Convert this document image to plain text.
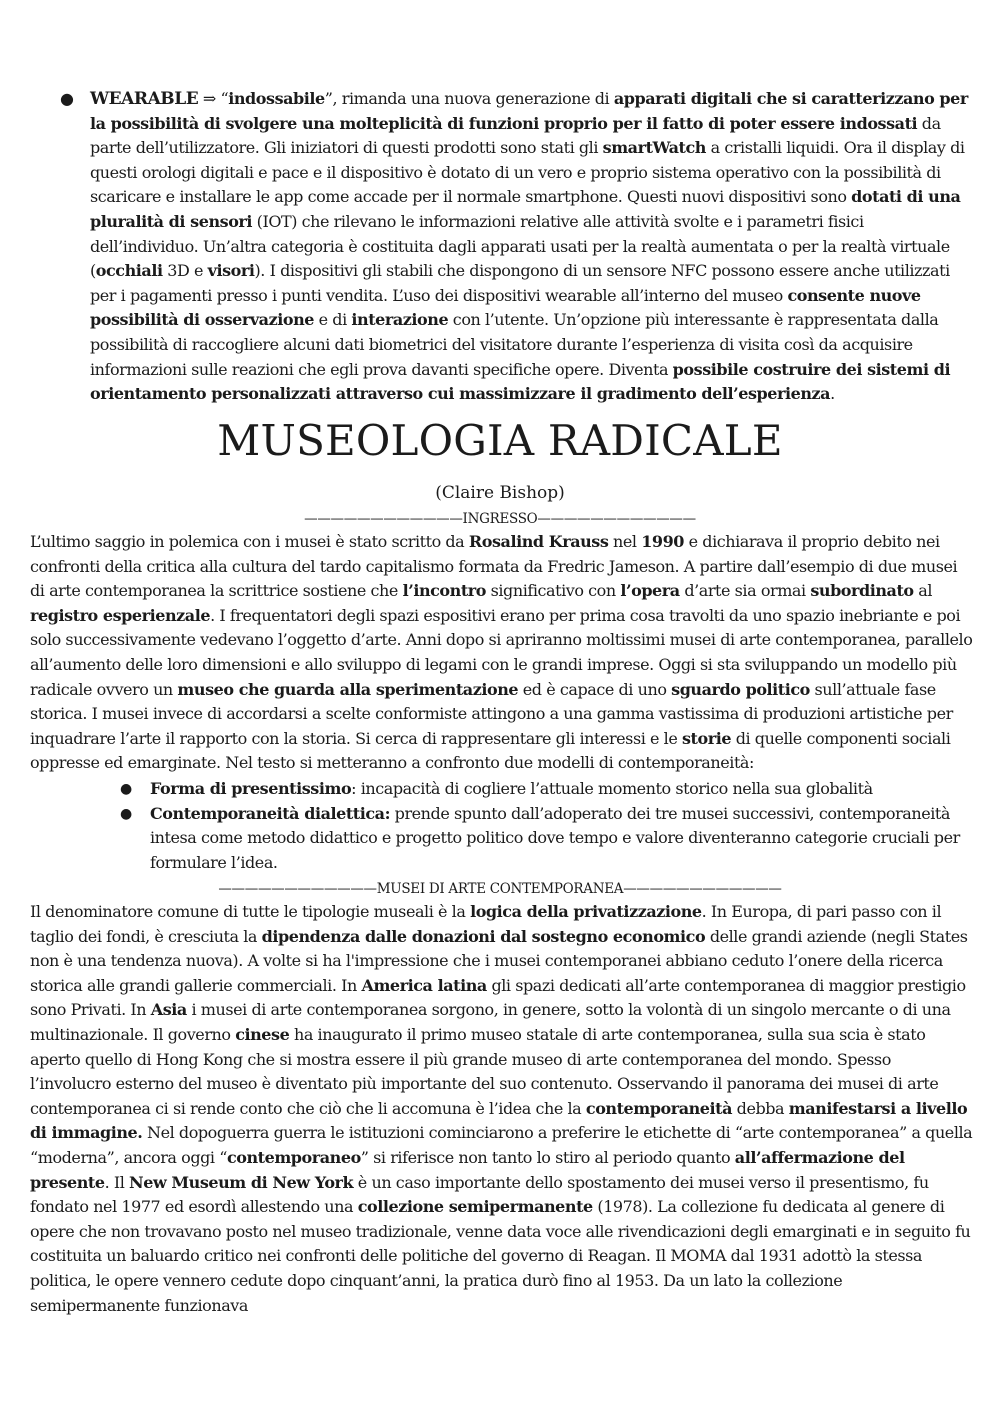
● WEARABLE ⇒ “indossabile”, rimanda una nuova generazione di apparati digitali che si caratterizzano per la possibilità di svolgere una molteplicità di funzioni proprio per il fatto di poter essere indossati da parte dell’utilizzatore. Gli iniziatori di questi prodotti sono stati gli smartWatch a cristalli liquidi. Ora il display di questi orologi digitali e pace e il dispositivo è dotato di un vero e proprio sistema operativo con la possibilità di scaricare e installare le app come accade per il normale smartphone. Questi nuovi dispositivi sono dotati di una pluralità di sensori (IOT) che rilevano le informazioni relative alle attività svolte e i parametri fisici dell’individuo. Un’altra categoria è costituita dagli apparati usati per la realtà aumentata o per la realtà virtuale (occhiali 3D e visori). I dispositivi gli stabili che dispongono di un sensore NFC possono essere anche utilizzati per i pagamenti presso i punti vendita. L’uso dei dispositivi wearable all’interno del museo consente nuove possibilità di osservazione e di interazione con l’utente. Un’opzione più interessante è rappresentata dalla possibilità di raccogliere alcuni dati biometrici del visitatore durante l’esperienza di visita così da acquisire informazioni sulle reazioni che egli prova davanti specifiche opere. Diventa possibile costruire dei sistemi di orientamento personalizzati attraverso cui massimizzare il gradimento dell’esperienza.

MUSEOLOGIA RADICALE
(Claire Bishop)
————————————INGRESSO————————————

L’ultimo saggio in polemica con i musei è stato scritto da Rosalind Krauss nel 1990 e dichiarava il proprio debito nei confronti della critica alla cultura del tardo capitalismo formata da Fredric Jameson. A partire dall’esempio di due musei di arte contemporanea la scrittrice sostiene che l’incontro significativo con l’opera d’arte sia ormai subordinato al registro esperienzale. I frequentatori degli spazi espositivi erano per prima cosa travolti da uno spazio inebriante e poi solo successivamente vedevano l’oggetto d’arte. Anni dopo si apriranno moltissimi musei di arte contemporanea, parallelo all’aumento delle loro dimensioni e allo sviluppo di legami con le grandi imprese. Oggi si sta sviluppando un modello più radicale ovvero un museo che guarda alla sperimentazione ed è capace di uno sguardo politico sull’attuale fase storica. I musei invece di accordarsi a scelte conformiste attingono a una gamma vastissima di produzioni artistiche per inquadrare l’arte il rapporto con la storia. Si cerca di rappresentare gli interessi e le storie di quelle componenti sociali oppresse ed emarginate. Nel testo si metteranno a confronto due modelli di contemporaneità:

● Forma di presentissimo: incapacità di cogliere l’attuale momento storico nella sua globalità

● Contemporaneità dialettica: prende spunto dall’adoperato dei tre musei successivi, contemporaneità intesa come metodo didattico e progetto politico dove tempo e valore diventeranno categorie cruciali per formulare l’idea.

————————————MUSEI DI ARTE CONTEMPORANEA————————————

Il denominatore comune di tutte le tipologie museali è la logica della privatizzazione. In Europa, di pari passo con il taglio dei fondi, è cresciuta la dipendenza dalle donazioni dal sostegno economico delle grandi aziende (negli States non è una tendenza nuova). A volte si ha l'impressione che i musei contemporanei abbiano ceduto l’onere della ricerca storica alle grandi gallerie commerciali. In America latina gli spazi dedicati all’arte contemporanea di maggior prestigio sono Privati. In Asia i musei di arte contemporanea sorgono, in genere, sotto la volontà di un singolo mercante o di una multinazionale. Il governo cinese ha inaugurato il primo museo statale di arte contemporanea, sulla sua scia è stato aperto quello di Hong Kong che si mostra essere il più grande museo di arte contemporanea del mondo. Spesso l’involucro esterno del museo è diventato più importante del suo contenuto. Osservando il panorama dei musei di arte contemporanea ci si rende conto che ciò che li accomuna è l’idea che la contemporaneità debba manifestarsi a livello di immagine. Nel dopoguerra guerra le istituzioni cominciarono a preferire le etichette di “arte contemporanea” a quella “moderna”, ancora oggi “contemporaneo” si riferisce non tanto lo stiro al periodo quanto all’affermazione del presente. Il New Museum di New York è un caso importante dello spostamento dei musei verso il presentismo, fu fondato nel 1977 ed esordì allestendo una collezione semipermanente (1978). La collezione fu dedicata al genere di opere che non trovavano posto nel museo tradizionale, venne data voce alle rivendicazioni degli emarginati e in seguito fu costituita un baluardo critico nei confronti delle politiche del governo di Reagan. Il MOMA dal 1931 adottò la stessa politica, le opere vennero cedute dopo cinquant’anni, la pratica durò fino al 1953. Da un lato la collezione semipermanente funzionava
